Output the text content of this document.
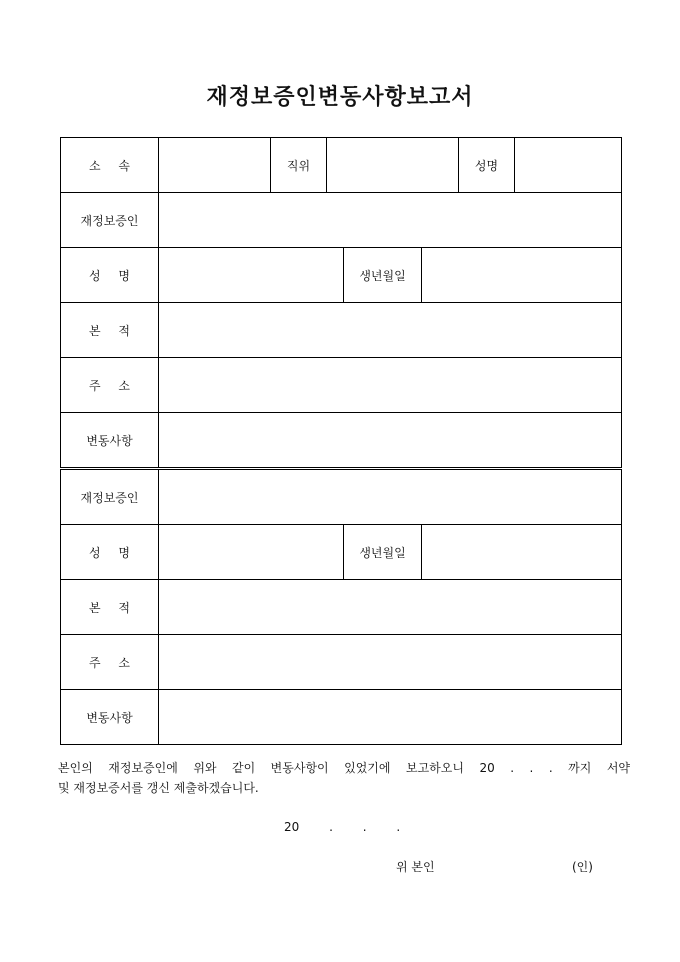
재정보증인변동사항보고서
소 속		직위				성명	
재정보증인							
성 명				생년월일			
본 적							
주 소							
변동사항							
재정보증인							
성 명				생년월일			
본 적							
주 소							
변동사항							
본인의 재정보증인에 위와 같이 변동사항이 있었기에 보고하오니 20 . . . 까지 서약
및 재정보증서를 갱신 제출하겠습니다.
20 . . .
위 본인	(인)
